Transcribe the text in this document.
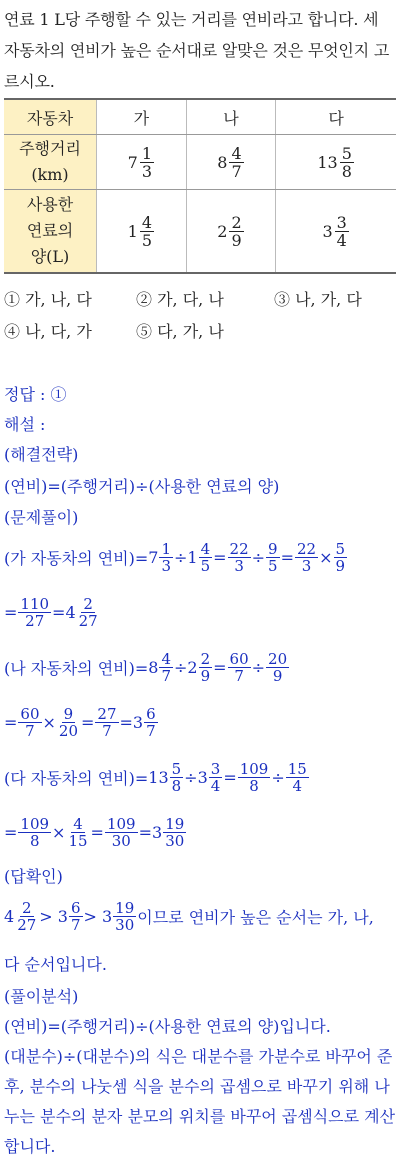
연료 1 L당 주행할 수 있는 거리를 연비라고 합니다. 세 자동차의 연비가 높은 순서대로 알맞은 것은 무엇인지 고르시오.
자동차	가	나	다

주행거리
(km)	$7 \frac{1}{3}$	$8 \frac{4}{7}$	$13 \frac{5}{8}$

사용한
연료의
양(L)	$1 \frac{4}{5}$	$2 \frac{2}{9}$	$3 \frac{3}{4}$
① 가, 나, 다	② 가, 다, 나	③ 나, 가, 다
④ 나, 다, 가	⑤ 다, 가, 나
정답 : ①
해설 :
(해결전략)
(연비)=(주행거리)÷(사용한 연료의 양)
(문제풀이)
(가 자동차의 연비)= $7 \frac{1}{3} \div 1 \frac{4}{5} = \frac{22}{3} \div \frac{9}{5} = \frac{22}{3} \times \frac{5}{9}$
= $\frac{110}{27} =4 \frac{2}{27}$
(나 자동차의 연비)= $8 \frac{4}{7} \div 2 \frac{2}{9} = \frac{60}{7} \div \frac{20}{9}$
= $\frac{60}{7} \times \frac{9}{20} = \frac{27}{7} =3 \frac{6}{7}$
(다 자동차의 연비)= $13 \frac{5}{8} \div 3 \frac{3}{4} = \frac{109}{8} \div \frac{15}{4}$
= $\frac{109}{8} \times \frac{4}{15} = \frac{109}{30} =3 \frac{19}{30}$
(답확인)
$4 \frac{2}{27} > 3 \frac{6}{7} > 3 \frac{19}{30}$ 이므로 연비가 높은 순서는 가, 나,
다 순서입니다.
(풀이분석)
(연비)=(주행거리)÷(사용한 연료의 양)입니다.
(대분수)÷(대분수)의 식은 대분수를 가분수로 바꾸어 준 후, 분수의 나눗셈 식을 분수의 곱셈으로 바꾸기 위해 나누는 분수의 분자 분모의 위치를 바꾸어 곱셈식으로 계산합니다.
